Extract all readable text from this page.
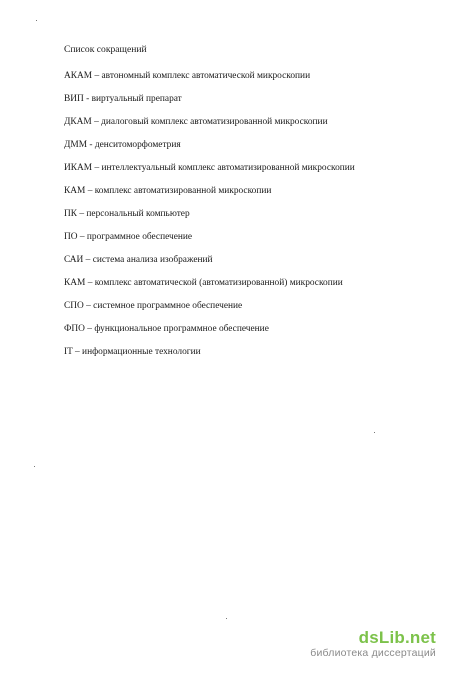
Список сокращений
АКАМ – автономный комплекс автоматической микроскопии
ВИП - виртуальный препарат
ДКАМ – диалоговый комплекс автоматизированной микроскопии
ДММ - денситоморфометрия
ИКАМ – интеллектуальный комплекс автоматизированной микроскопии
КАМ – комплекс автоматизированной микроскопии
ПК – персональный компьютер
ПО – программное обеспечение
САИ – система анализа изображений
КАМ – комплекс автоматической (автоматизированной) микроскопии
СПО – системное программное обеспечение
ФПО – функциональное программное обеспечение
IT – информационные технологии
dsLib.net
библиотека диссертаций
